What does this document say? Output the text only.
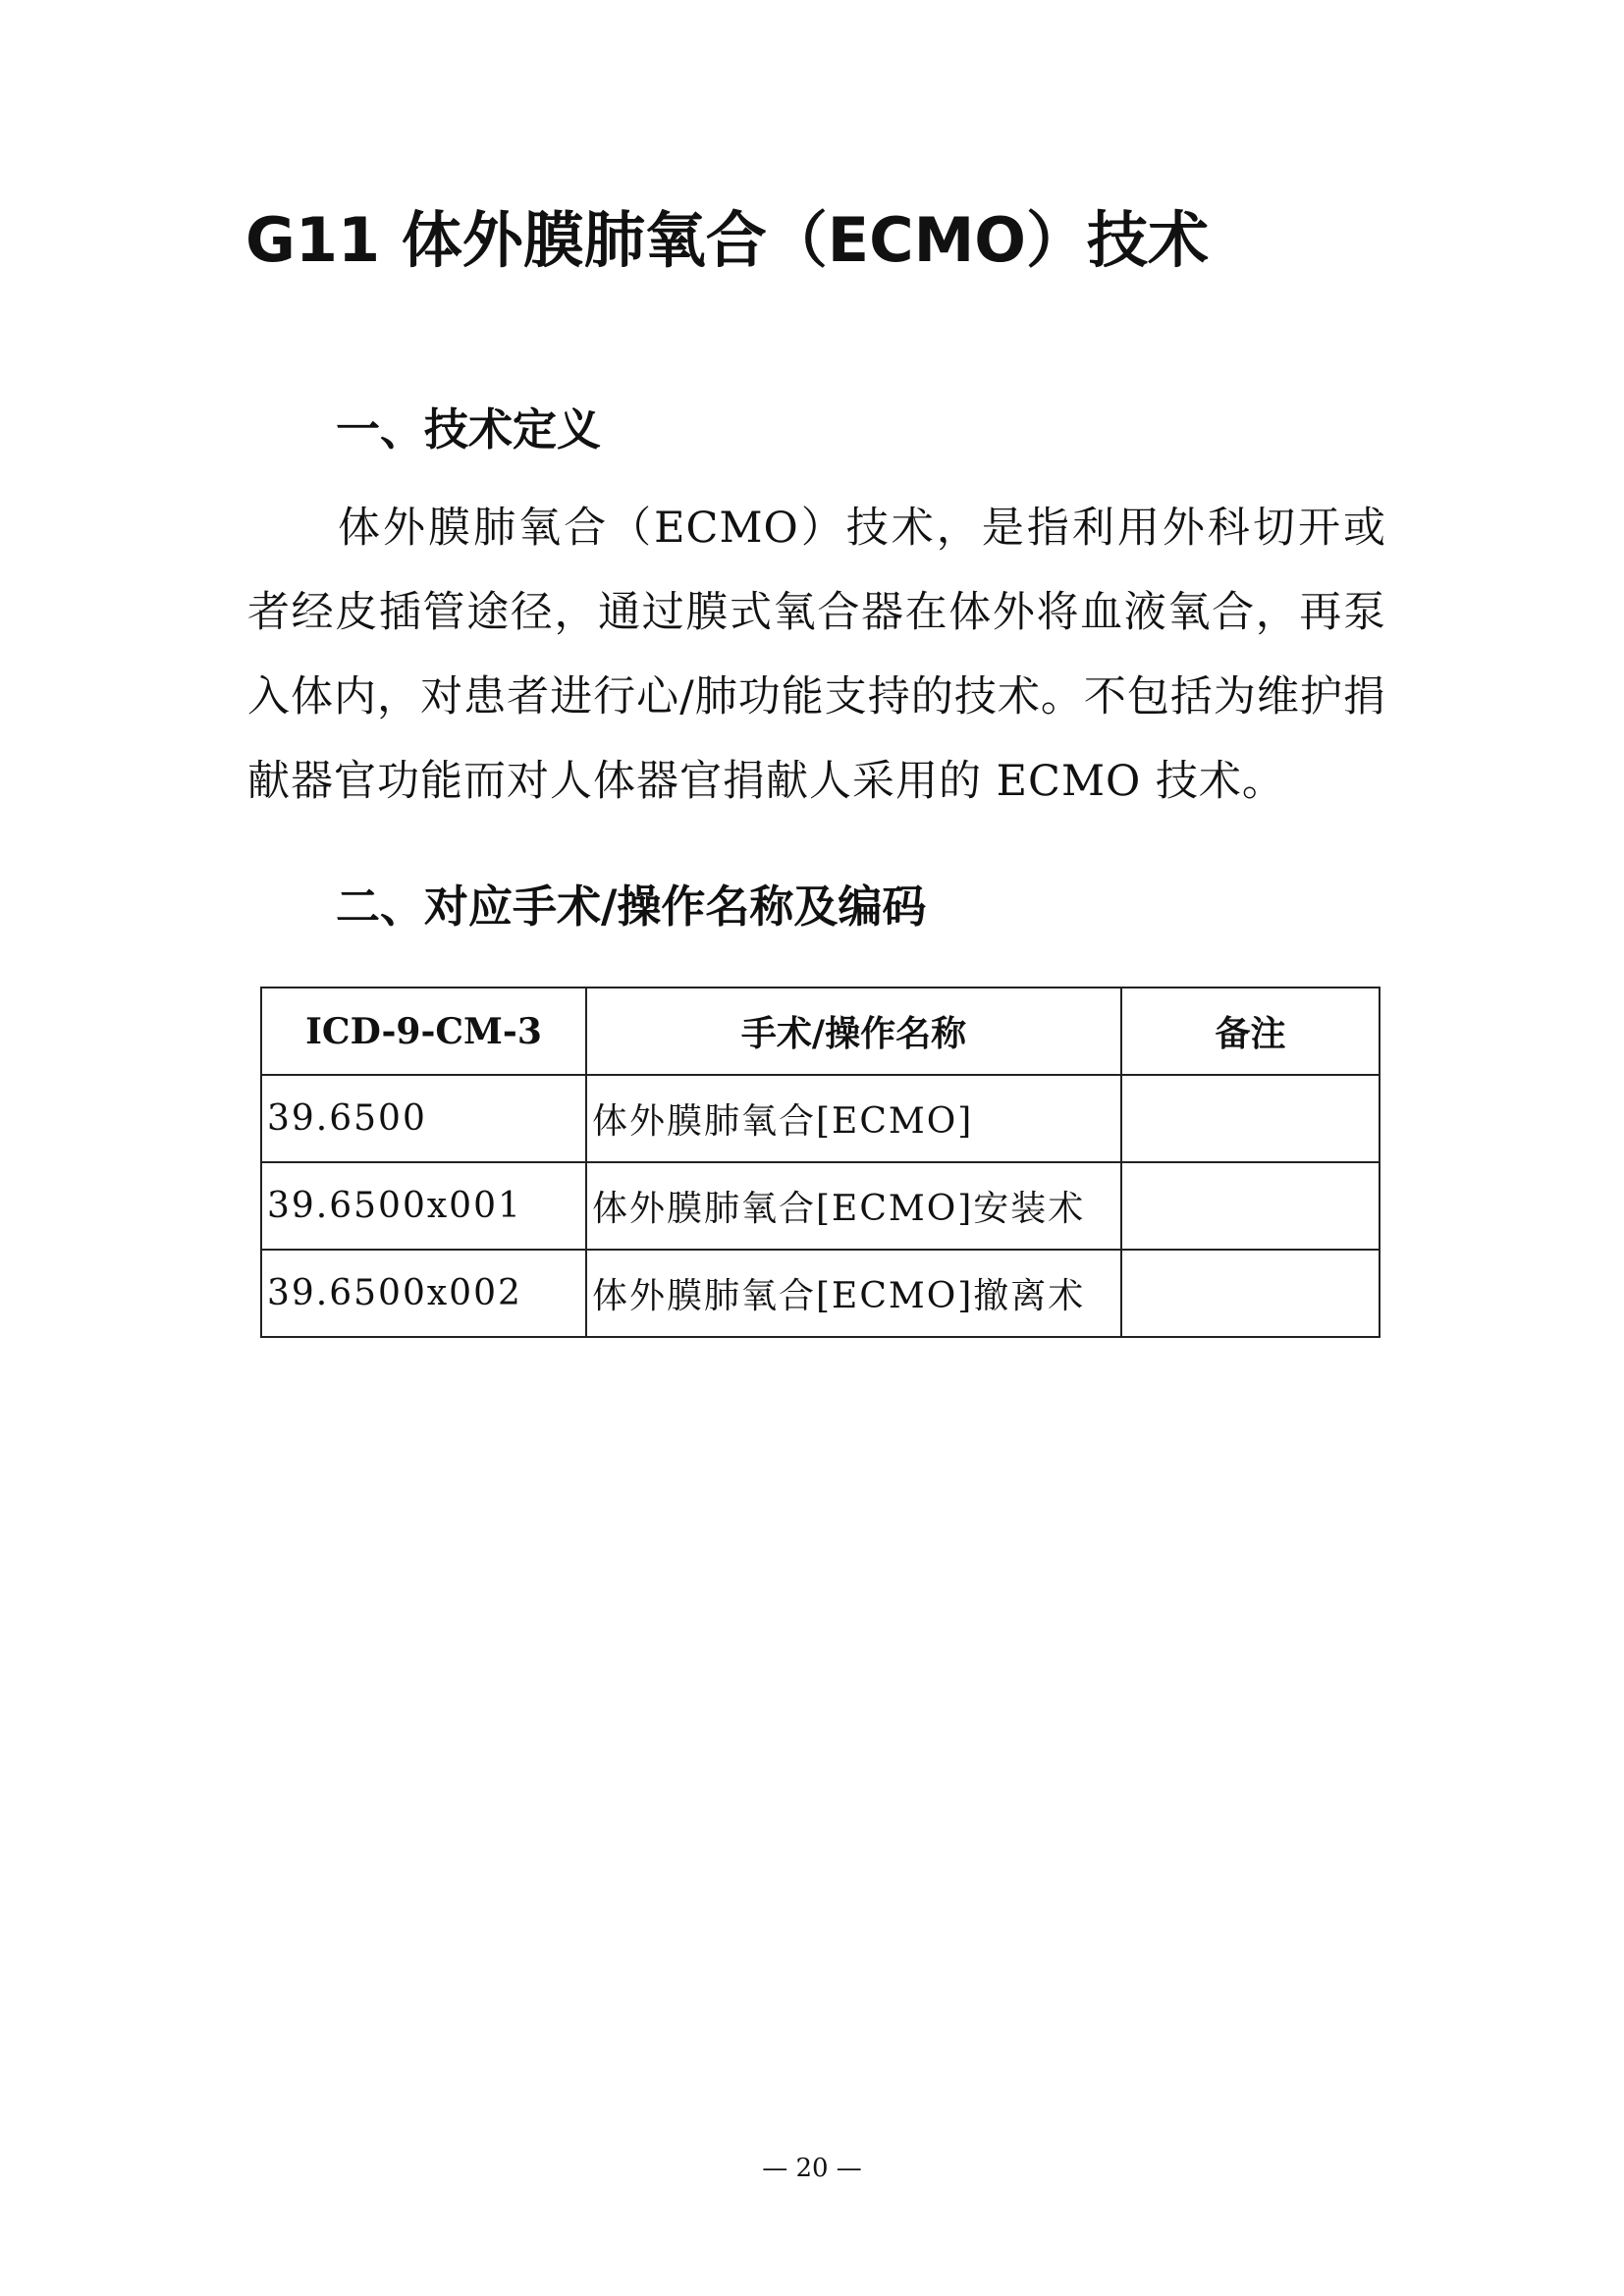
G11 体外膜肺氧合（ECMO）技术
一、技术定义

体外膜肺氧合（ECMO）技术，是指利用外科切开或者经皮插管途径，通过膜式氧合器在体外将血液氧合，再泵入体内，对患者进行心/肺功能支持的技术。不包括为维护捐献器官功能而对人体器官捐献人采用的 ECMO 技术。

二、对应手术/操作名称及编码
ICD-9-CM-3	手术/操作名称	备注
39.6500	体外膜肺氧合[ECMO]	
39.6500x001	体外膜肺氧合[ECMO]安装术	
39.6500x002	体外膜肺氧合[ECMO]撤离术	
— 20 —
